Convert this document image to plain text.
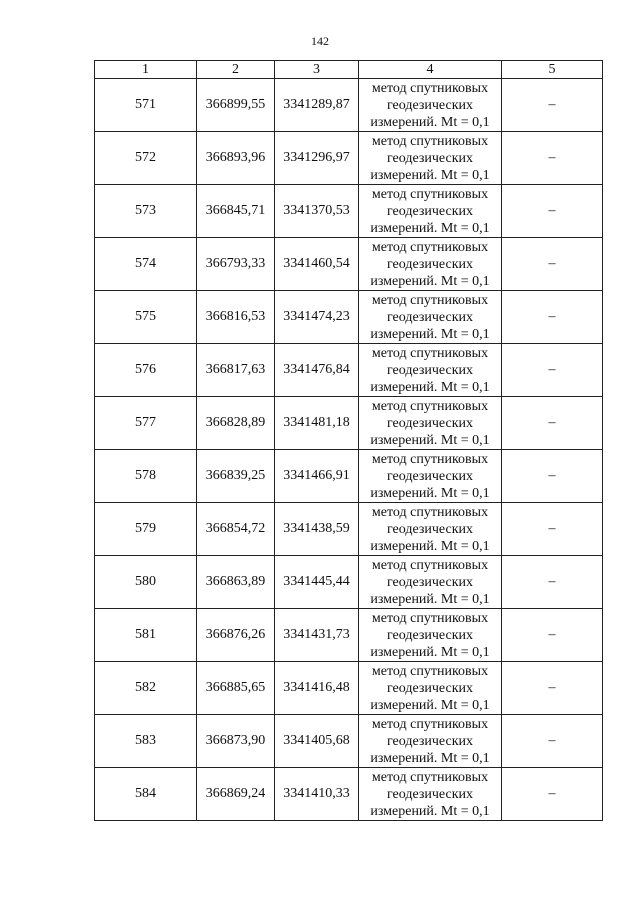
142
1	2	3	4	5
571	366899,55	3341289,87	метод спутниковых
геодезических
измерений. Mt = 0,1	–
572	366893,96	3341296,97	метод спутниковых
геодезических
измерений. Mt = 0,1	–
573	366845,71	3341370,53	метод спутниковых
геодезических
измерений. Mt = 0,1	–
574	366793,33	3341460,54	метод спутниковых
геодезических
измерений. Mt = 0,1	–
575	366816,53	3341474,23	метод спутниковых
геодезических
измерений. Mt = 0,1	–
576	366817,63	3341476,84	метод спутниковых
геодезических
измерений. Mt = 0,1	–
577	366828,89	3341481,18	метод спутниковых
геодезических
измерений. Mt = 0,1	–
578	366839,25	3341466,91	метод спутниковых
геодезических
измерений. Mt = 0,1	–
579	366854,72	3341438,59	метод спутниковых
геодезических
измерений. Mt = 0,1	–
580	366863,89	3341445,44	метод спутниковых
геодезических
измерений. Mt = 0,1	–
581	366876,26	3341431,73	метод спутниковых
геодезических
измерений. Mt = 0,1	–
582	366885,65	3341416,48	метод спутниковых
геодезических
измерений. Mt = 0,1	–
583	366873,90	3341405,68	метод спутниковых
геодезических
измерений. Mt = 0,1	–
584	366869,24	3341410,33	метод спутниковых
геодезических
измерений. Mt = 0,1	–
